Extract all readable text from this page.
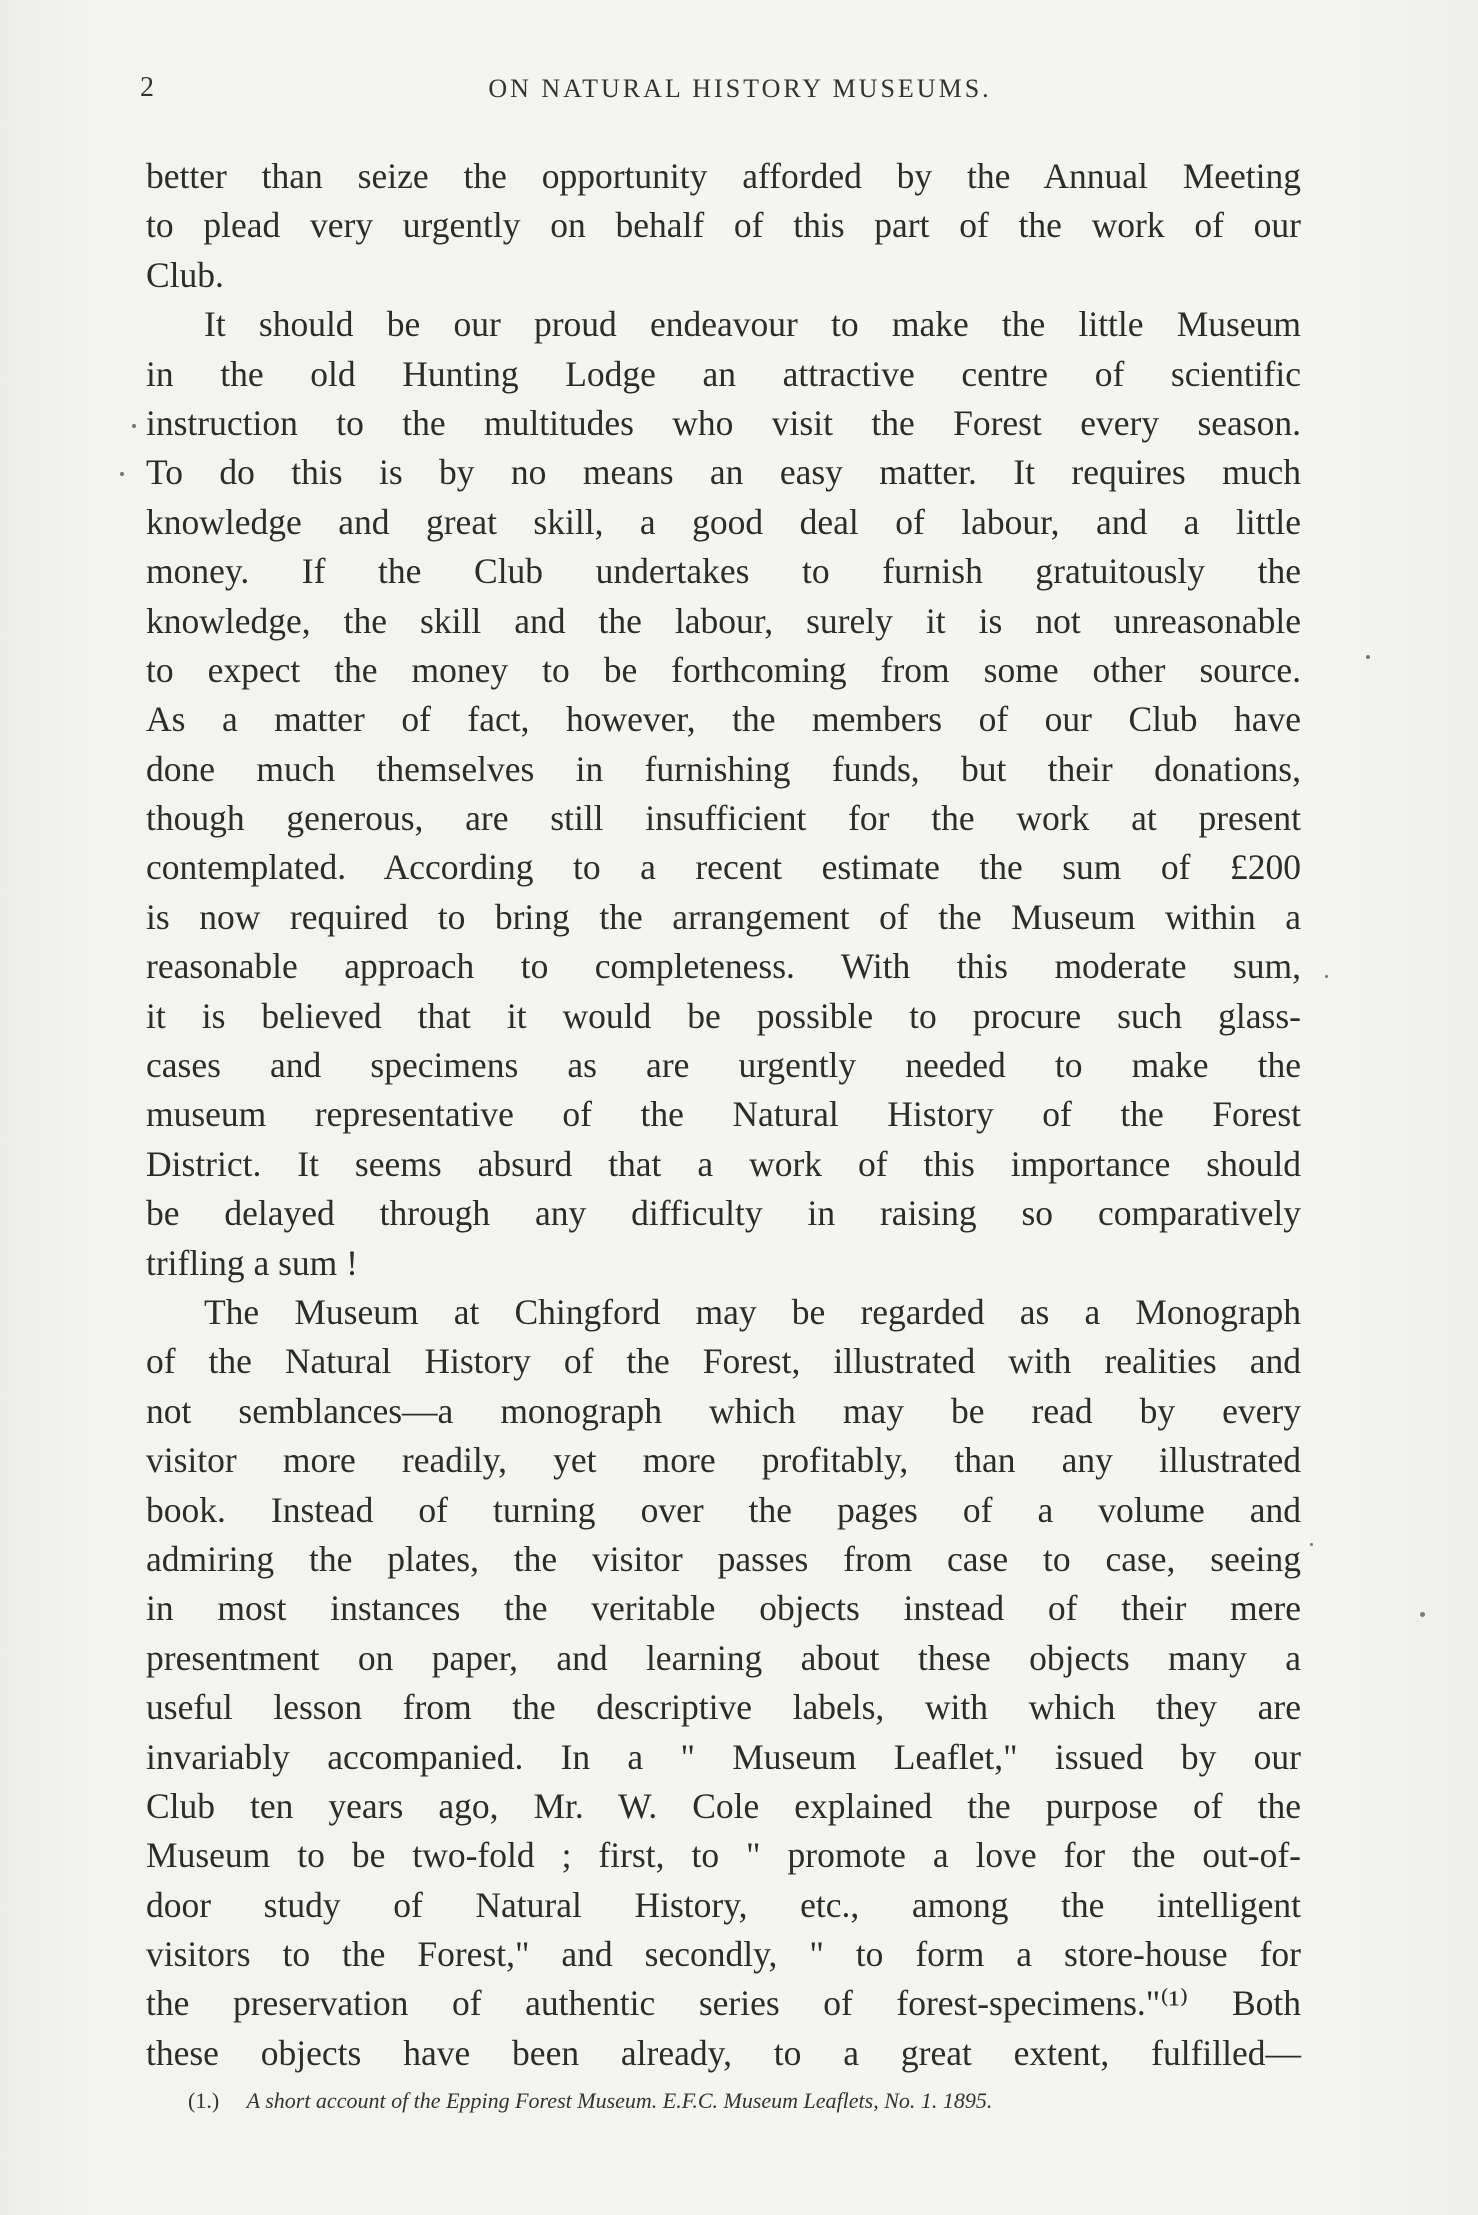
2	ON NATURAL HISTORY MUSEUMS.
better than seize the opportunity afforded by the Annual Meeting
to plead very urgently on behalf of this part of the work of our
Club.
It should be our proud endeavour to make the little Museum
in the old Hunting Lodge an attractive centre of scientific
instruction to the multitudes who visit the Forest every season.
To do this is by no means an easy matter. It requires much
knowledge and great skill, a good deal of labour, and a little
money. If the Club undertakes to furnish gratuitously the
knowledge, the skill and the labour, surely it is not unreasonable
to expect the money to be forthcoming from some other source.
As a matter of fact, however, the members of our Club have
done much themselves in furnishing funds, but their donations,
though generous, are still insufficient for the work at present
contemplated. According to a recent estimate the sum of £200
is now required to bring the arrangement of the Museum within a
reasonable approach to completeness. With this moderate sum,
it is believed that it would be possible to procure such glass-
cases and specimens as are urgently needed to make the
museum representative of the Natural History of the Forest
District. It seems absurd that a work of this importance should
be delayed through any difficulty in raising so comparatively
trifling a sum !
The Museum at Chingford may be regarded as a Monograph
of the Natural History of the Forest, illustrated with realities and
not semblances—a monograph which may be read by every
visitor more readily, yet more profitably, than any illustrated
book. Instead of turning over the pages of a volume and
admiring the plates, the visitor passes from case to case, seeing
in most instances the veritable objects instead of their mere
presentment on paper, and learning about these objects many a
useful lesson from the descriptive labels, with which they are
invariably accompanied. In a " Museum Leaflet," issued by our
Club ten years ago, Mr. W. Cole explained the purpose of the
Museum to be two-fold ; first, to " promote a love for the out-of-
door study of Natural History, etc., among the intelligent
visitors to the Forest," and secondly, " to form a store-house for
the preservation of authentic series of forest-specimens."⁽¹⁾ Both
these objects have been already, to a great extent, fulfilled—
(1.) A short account of the Epping Forest Museum. E.F.C. Museum Leaflets, No. 1. 1895.
